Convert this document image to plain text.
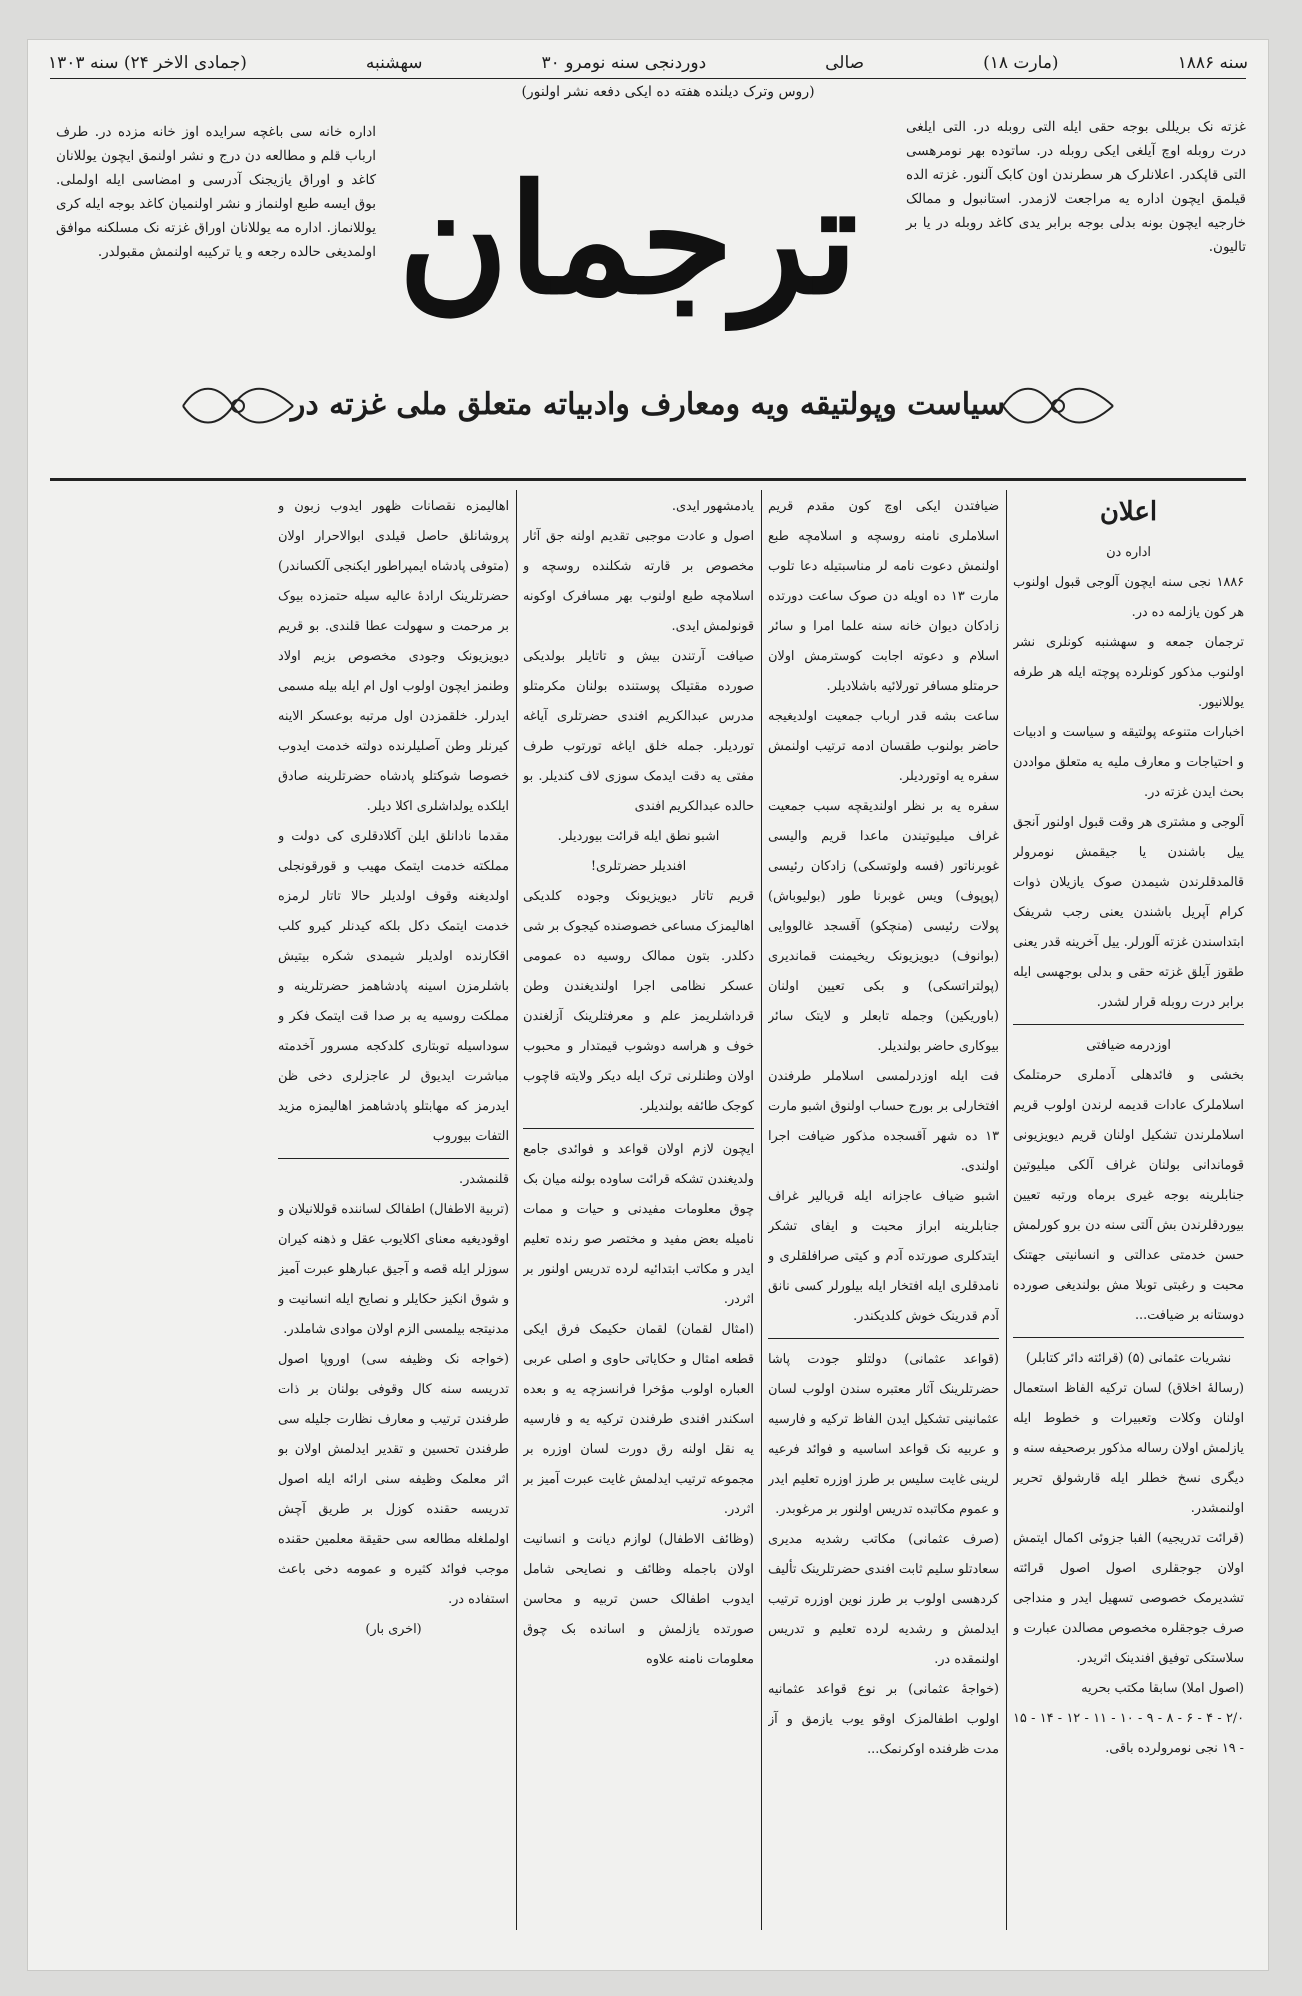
سنه ۱۸۸۶
(مارت ۱۸)
صالی
دوردنجی سنه نومرو ۳۰
سهشنبه
(جمادی الاخر ۲۴) سنه ۱۳۰۳
(روس وترک دیلنده هفته ده ایکی دفعه نشر اولنور)
غزته نک بریللی بوجه حقی ایله التی روبله در. التی ایلغی درت روبله اوچ آیلغی ایکی روبله در. ساتوده بهر نومرهسی التی قاپکدر. اعلانلرک هر سطرندن اون کابک آلنور. غزته الده قیلمق ایچون اداره یه مراجعت لازمدر. استانبول و ممالک خارجیه ایچون بونه بدلی بوجه برابر یدی کاغد روبله در یا بر تالیون.
ترجمان
اداره خانه سی باغچه سرایده اوز خانه مزده در. طرف ارباب قلم و مطالعه دن درج و نشر اولنمق ایچون یوللانان کاغد و اوراق یازیجنک آدرسی و امضاسی ایله اولملی. بوق ایسه طبع اولنماز و نشر اولنمیان کاغد بوجه ایله کری یوللانماز. اداره مه یوللانان اوراق غزته نک مسلکنه موافق اولمدیغی حالده رجعه و یا ترکیبه اولنمش مقبولدر.
سیاست وپولتیقه ویه ومعارف وادبیاته متعلق ملی غزته در
اعلان
اداره دن

۱۸۸۶ نجی سنه ایچون آلوجی قبول اولنوب هر کون یازلمه ده در.

ترجمان جمعه و سهشنبه کونلری نشر اولنوب مذکور کونلرده پوچته ایله هر طرفه یوللانیور.

اخبارات متنوعه پولتیقه و سیاست و ادبیات و احتیاجات و معارف ملیه یه متعلق مواددن بحث ایدن غزته در.

آلوجی و مشتری هر وقت قبول اولنور آنجق ییل باشندن یا جیقمش نومرولر قالمدقلرندن شیمدن صوک یازیلان ذوات کرام آپریل باشندن یعنی رجب شریفک ابتداسندن غزته آلورلر. ییل آخرینه قدر یعنی طقوز آیلق غزته حقی و بدلی بوجهسی ایله برابر درت روبله قرار لشدر.

اوزدرمه ضیافتی

بخشی و فائدهلی آدملری حرمتلمک اسلاملرک عادات قدیمه لرندن اولوب قریم اسلاملرندن تشکیل اولنان قریم دیویزیونی قوماندانی بولنان غراف آلکی میلیوتین جنابلرینه بوجه غیری برماه ورتبه تعیین بیوردقلرندن بش آلتی سنه دن برو کورلمش حسن خدمتی عدالتی و انسانیتی جهتنک محبت و رغبتی توبلا مش بولندیغی صورده دوستانه بر ضیافت...

نشریات عثمانی (۵) (قرائته دائر کتابلر)

(رسالهٔ اخلاق) لسان ترکیه الفاظ استعمال اولنان وکلات وتعبیرات و خطوط ایله یازلمش اولان رساله مذکور برصحیفه سنه و دیگری نسخ خطلر ایله قارشولق تحریر اولنمشدر.

(قرائت تدریجیه) الفبا جزوئی اکمال ایتمش اولان جوجقلری اصول اصول قرائته تشدیرمک خصوصی تسهیل ایدر و منداجی صرف جوجقلره مخصوص مصالدن عبارت و سلاستکی توفیق افندینک اثریدر.

(اصول املا) سابقا مکتب بحریه

۲/۰ - ۴ - ۶ - ۸ - ۹ - ۱۰ - ۱۱ - ۱۲ - ۱۴ - ۱۵ - ۱۹ نجی نومرولرده باقی.

ضیافتدن ایکی اوچ کون مقدم قریم اسلاملری نامنه روسچه و اسلامچه طبع اولنمش دعوت نامه لر مناسبتیله دعا تلوب مارت ۱۳ ده اویله دن صوک ساعت دورتده زادکان دیوان خانه سنه علما امرا و سائر اسلام و دعوته اجابت کوسترمش اولان حرمتلو مسافر تورلائیه باشلادیلر.

ساعت بشه قدر ارباب جمعیت اولدیغیجه حاضر بولنوب طقسان ادمه ترتیب اولنمش سفره یه اوتوردیلر.

سفره یه بر نظر اولندیقچه سبب جمعیت غراف میلیوتیندن ماعدا قریم والیسی غوبرناتور (فسه ولوتسکی) زادکان رئیسی (پوپوف) ویس غوبرنا طور (بولیوباش) پولات رئیسی (منچکو) آقسجد غالووایی (بوانوف) دیویزیونک ریخیمنت قماندیری (پولتراتسکی) و بکی تعیین اولنان (باوریکین) وجمله تابعلر و لایتک سائر بیوکاری حاضر بولندیلر.

فت ایله اوزدرلمسی اسلاملر طرفندن افتخارلی بر بورج حساب اولنوق اشبو مارت ۱۳ ده شهر آقسجده مذکور ضیافت اجرا اولندی.

اشبو ضیاف عاجزانه ایله قریالیر غراف جنابلرینه ابراز محبت و ایفای تشکر ایتدکلری صورتده آدم و کیتی صرافلقلری و نامدقلری ایله افتخار ایله بیلورلر کسی نانق آدم قدرینک خوش کلدیکندر.

(قواعد عثمانی) دولتلو جودت پاشا حضرتلرینک آثار معتبره سندن اولوب لسان عثمانینی تشکیل ایدن الفاظ ترکیه و فارسیه و عربیه نک قواعد اساسیه و فوائد فرعیه لرینی غایت سلیس بر طرز اوزره تعلیم ایدر و عموم مکاتبده تدریس اولنور بر مرغوبدر.

(صرف عثمانی) مکاتب رشدیه مدیری سعادتلو سلیم ثابت افندی حضرتلرینک تألیف کردهسی اولوب بر طرز نوین اوزره ترتیب ایدلمش و رشدیه لرده تعلیم و تدریس اولنمقده در.

(خواجهٔ عثمانی) بر نوع قواعد عثمانیه اولوب اطفالمزک اوقو یوب یازمق و آز مدت ظرفنده اوکرنمک...

یادمشهور ایدی.

اصول و عادت موجبی تقدیم اولنه جق آثار مخصوص بر قارته شکلنده روسچه و اسلامچه طبع اولنوب بهر مسافرک اوکونه قونولمش ایدی.

صیافت آرتندن بیش و تاتایلر بولدیکی صورده مقتیلک پوستنده بولنان مکرمتلو مدرس عبدالکریم افندی حضرتلری آیاغه توردیلر. جمله خلق ایاغه تورتوب طرف مفتی یه دقت ایدمک سوزی لاف کندیلر. بو حالده عبدالکریم افندی

اشبو نطق ایله قرائت بیوردیلر.

افندیلر حضرتلری!

قریم تاتار دیویزیونک وجوده کلدیکی اهالیمزک مساعی خصوصنده کیجوک بر شی دکلدر. بتون ممالک روسیه ده عمومی عسکر نظامی اجرا اولندیغندن وطن قرداشلریمز علم و معرفتلرینک آزلغندن خوف و هراسه دوشوب قیمتدار و محبوب اولان وطنلرنی ترک ایله دیکر ولایته قاچوب کوجک طائفه بولندیلر.

ایچون لازم اولان قواعد و فوائدی جامع ولدیغندن تشکه قرائت ساوده بولنه میان بک چوق معلومات مفیدنی و حیات و ممات نامیله بعض مفید و مختصر صو رنده تعلیم ایدر و مکاتب ابتدائیه لرده تدریس اولنور بر اثردر.

(امثال لقمان) لقمان حکیمک فرق ایکی قطعه امثال و حکایاتی حاوی و اصلی عربی العباره اولوب مؤخرا فرانسزچه یه و بعده اسکندر افندی طرفندن ترکیه یه و فارسیه یه نقل اولنه رق دورت لسان اوزره بر مجموعه ترتیب ایدلمش غایت عبرت آمیز بر اثردر.

(وظائف الاطفال) لوازم دیانت و انسانیت اولان باجمله وظائف و نصایحی شامل ایدوب اطفالک حسن تربیه و محاسن صورتده یازلمش و اسانده بک چوق معلومات نامنه علاوه

اهالیمزه نقصانات ظهور ایدوب زبون و پروشانلق حاصل قیلدی ابوالاحرار اولان (متوفی پادشاه ایمپراطور ایکنجی آلکساندر) حضرتلرینک ارادهٔ عالیه سیله حتمزده بیوک بر مرحمت و سهولت عطا قلندی. بو قریم دیویزیونک وجودی مخصوص بزیم اولاد وطنمز ایچون اولوب اول ام ایله بیله مسمی ایدرلر. خلقمزدن اول مرتبه بوعسکر الاینه کیرنلر وطن آصلیلرنده دولته خدمت ایدوب خصوصا شوکتلو پادشاه حضرتلرینه صادق ایلکده یولداشلری اکلا دیلر.

مقدما نادانلق ایلن آکلادقلری کی دولت و مملکته خدمت ایتمک مهیب و قورقونجلی اولدیغنه وقوف اولدیلر حالا تاتار لرمزه خدمت ایتمک دکل بلکه کیدنلر کیرو کلب اقکارنده اولدیلر شیمدی شکره بیتیش باشلرمزن اسینه پادشاهمز حضرتلرینه و مملکت روسیه یه بر صدا قت ایتمک فکر و سوداسیله توبتاری کلدکجه مسرور آخدمته مباشرت ایدیوق لر عاجزلری دخی ظن ایدرمز که مهابتلو پادشاهمز اهالیمزه مزید التفات بیوروب

قلنمشدر.

(تربیة الاطفال) اطفالک لساننده قوللانیلان و اوقودیغیه معنای اکلایوب عقل و ذهنه کیران سوزلر ایله قصه و آجیق عبارهلو عبرت آمیز و شوق انکیز حکایلر و نصایح ایله انسانیت و مدنیتجه بیلمسی الزم اولان موادی شاملدر.

(خواجه نک وظیفه سی) اوروپا اصول تدریسه سنه کال وقوفی بولنان بر ذات طرفندن ترتیب و معارف نظارت جلیله سی طرفندن تحسین و تقدیر ایدلمش اولان بو اثر معلمک وظیفه سنی ارائه ایله اصول تدریسه حقنده کوزل بر طریق آچش اولملغله مطالعه سی حقیقة معلمین حقنده موجب فوائد کثیره و عمومه دخی باعث استفاده در.

(اخری بار)
